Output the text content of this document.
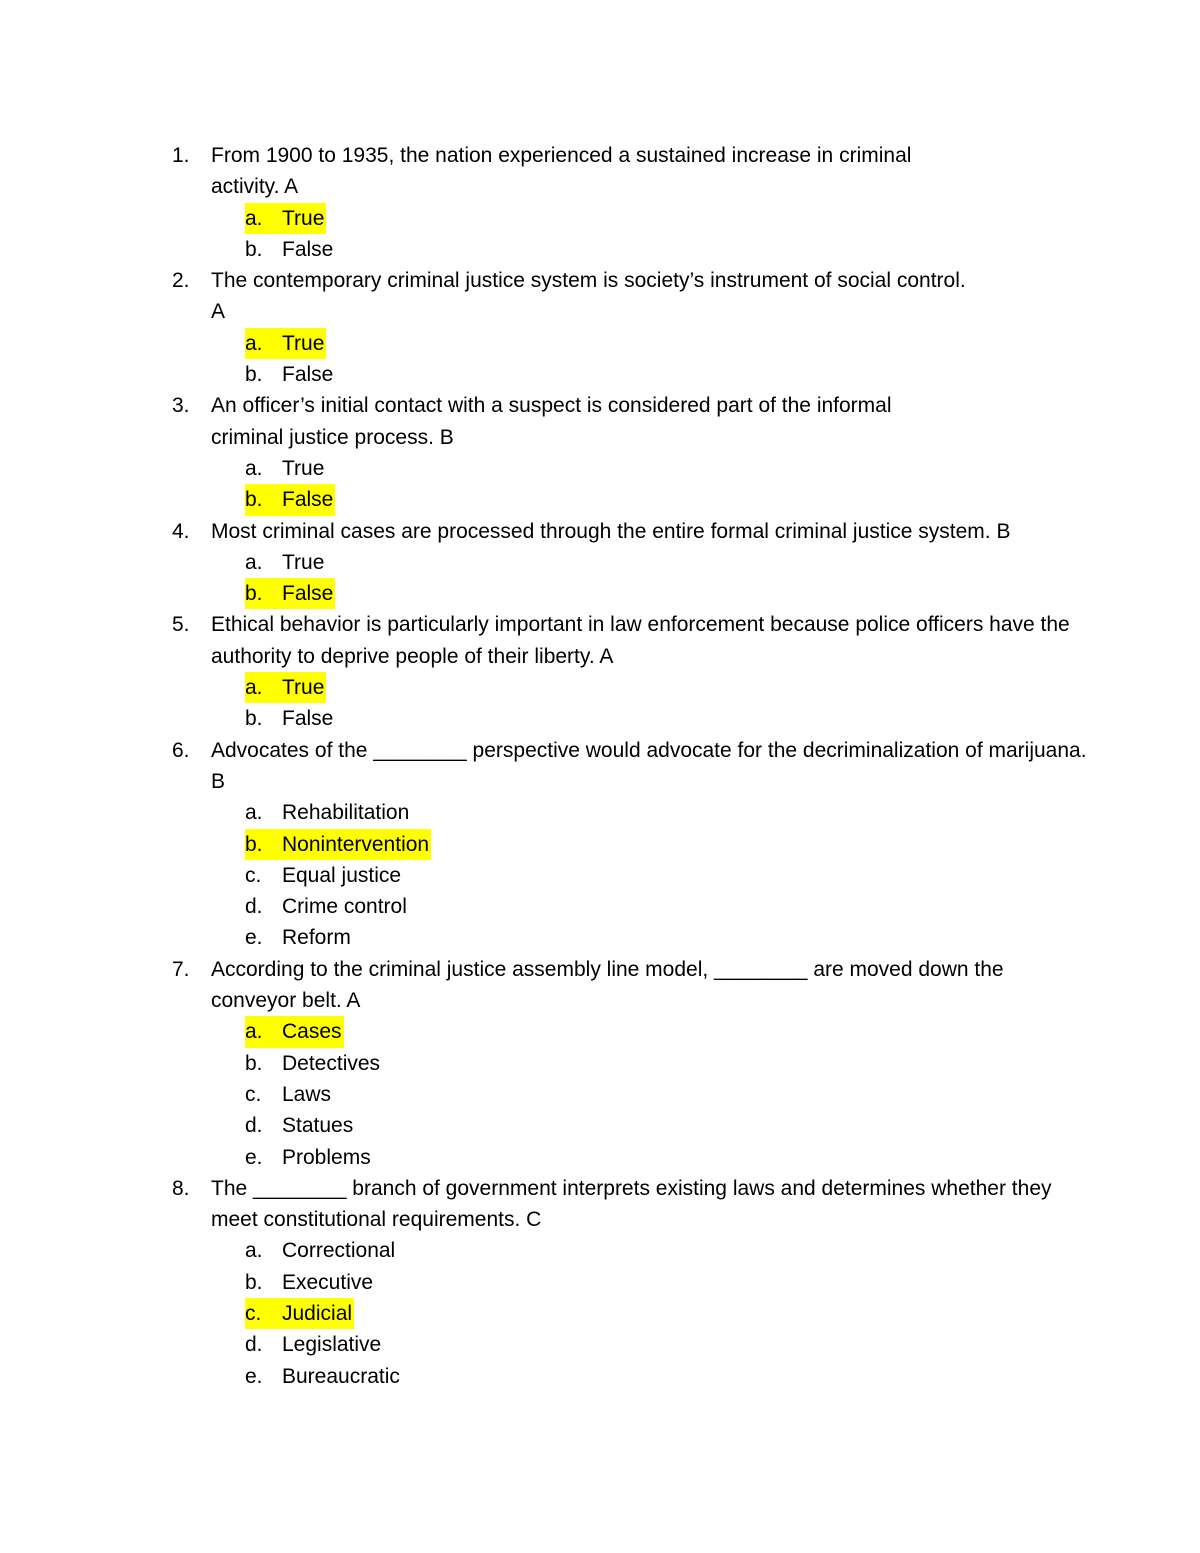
1. From 1900 to 1935, the nation experienced a sustained increase in criminal
activity. A
a. True
b. False
2. The contemporary criminal justice system is society’s instrument of social control.
A
a. True
b. False
3. An officer’s initial contact with a suspect is considered part of the informal
criminal justice process. B
a. True
b. False
4. Most criminal cases are processed through the entire formal criminal justice system. B
a. True
b. False
5. Ethical behavior is particularly important in law enforcement because police officers have the
authority to deprive people of their liberty. A
a. True
b. False
6. Advocates of the ________ perspective would advocate for the decriminalization of marijuana.
B
a. Rehabilitation
b. Nonintervention
c. Equal justice
d. Crime control
e. Reform
7. According to the criminal justice assembly line model, ________ are moved down the
conveyor belt. A
a. Cases
b. Detectives
c. Laws
d. Statues
e. Problems
8. The ________ branch of government interprets existing laws and determines whether they
meet constitutional requirements. C
a. Correctional
b. Executive
c. Judicial
d. Legislative
e. Bureaucratic
